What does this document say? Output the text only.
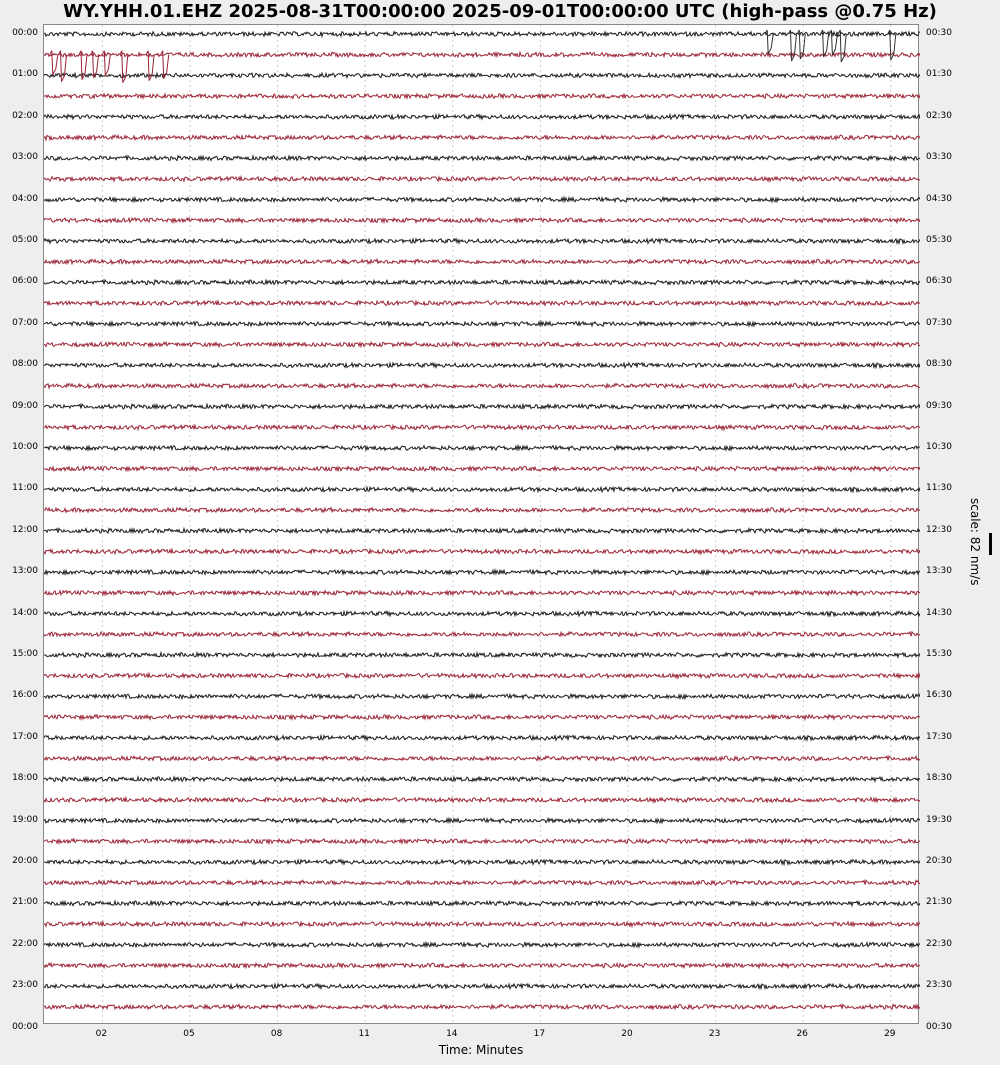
WY.YHH.01.EHZ 2025-08-31T00:00:00 2025-09-01T00:00:00 UTC (high-pass @0.75 Hz)
00:00
01:00
02:00
03:00
04:00
05:00
06:00
07:00
08:00
09:00
10:00
11:00
12:00
13:00
14:00
15:00
16:00
17:00
18:00
19:00
20:00
21:00
22:00
23:00
00:00
00:30
01:30
02:30
03:30
04:30
05:30
06:30
07:30
08:30
09:30
10:30
11:30
12:30
13:30
14:30
15:30
16:30
17:30
18:30
19:30
20:30
21:30
22:30
23:30
00:30
02	05	08	11	14	17	20	23	26	29
Time: Minutes
scale: 82 nm/s
